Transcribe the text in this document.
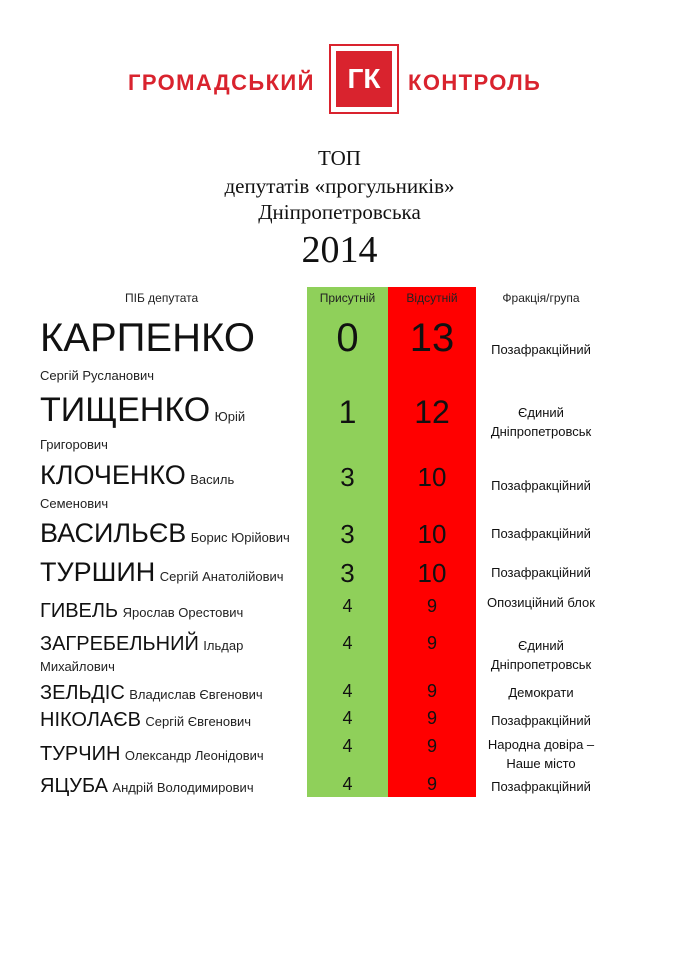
ГРОМАДСЬКИЙ	ГК	КОНТРОЛЬ
ТОП
депутатів «прогульників»
Дніпропетровська
2014
ПІБ депутата	Присутній	Відсутній	Фракція/група
КАРПЕНКО
Сергій Русланович
0	13	Позафракційний
ТИЩЕНКО Юрій
Григорович
1	12	Єдиний Дніпропетровськ
КЛОЧЕНКО Василь
Семенович
3	10	Позафракційний
ВАСИЛЬЄВ Борис Юрійович	3	10	Позафракційний
ТУРШИН Сергій Анатолійович	3	10	Позафракційний
ГИВЕЛЬ Ярослав Орестович	4	9	Опозиційний блок
ЗАГРЕБЕЛЬНИЙ Ільдар
Михайлович
4	9	Єдиний Дніпропетровськ
ЗЕЛЬДІС Владислав Євгенович	4	9	Демократи
НІКОЛАЄВ Сергій Євгенович	4	9	Позафракційний
ТУРЧИН Олександр Леонідович	4	9	Народна довіра – Наше місто
ЯЦУБА Андрій Володимирович	4	9	Позафракційний
